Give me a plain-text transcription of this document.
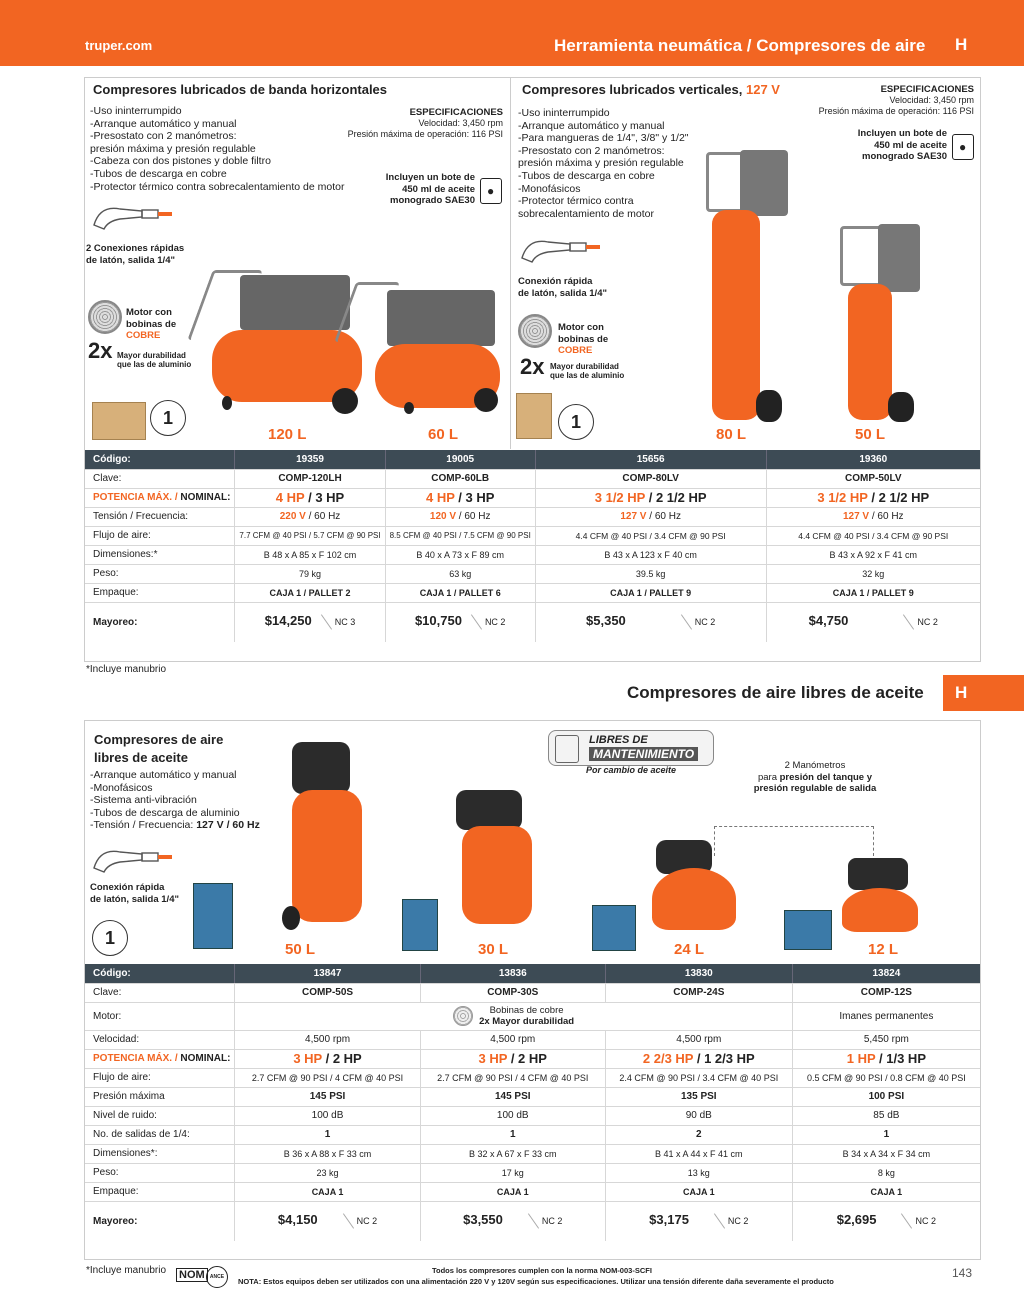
truper.com	Herramienta neumática / Compresores de aire H
Compresores lubricados de banda horizontales
-Uso ininterrumpido
-Arranque automático y manual
-Presostato con 2 manómetros:
presión máxima y presión regulable
-Cabeza con dos pistones y doble filtro
-Tubos de descarga en cobre
-Protector térmico contra sobrecalentamiento de motor
ESPECIFICACIONES
Velocidad: 3,450 rpm
Presión máxima de operación: 116 PSI
Incluyen un bote de
450 ml de aceite
monogrado SAE30
●
2 Conexiones rápidas
de latón, salida 1/4"
Motor con
bobinas de
COBRE
2x Mayor durabilidad
que las de aluminio
1
120 L	60 L
Compresores lubricados verticales, 127 V	ESPECIFICACIONES
Velocidad: 3,450 rpm
Presión máxima de operación: 116 PSI
Incluyen un bote de
450 ml de aceite
monogrado SAE30
●
-Uso ininterrumpido
-Arranque automático y manual
-Para mangueras de 1/4", 3/8" y 1/2"
-Presostato con 2 manómetros:
presión máxima y presión regulable
-Tubos de descarga en cobre
-Monofásicos
-Protector térmico contra
sobrecalentamiento de motor
Conexión rápida
de latón, salida 1/4"
Motor con
bobinas de
COBRE
2x Mayor durabilidad
que las de aluminio
1
80 L	50 L
Código:	19359	19005	15656	19360
Clave:	COMP-120LH	COMP-60LB	COMP-80LV	COMP-50LV
POTENCIA MÁX. / NOMINAL:	4 HP / 3 HP	4 HP / 3 HP	3 1/2 HP / 2 1/2 HP	3 1/2 HP / 2 1/2 HP
Tensión / Frecuencia:	220 V / 60 Hz	120 V / 60 Hz	127 V / 60 Hz	127 V / 60 Hz
Flujo de aire:	7.7 CFM @ 40 PSI / 5.7 CFM @ 90 PSI	8.5 CFM @ 40 PSI / 7.5 CFM @ 90 PSI	4.4 CFM @ 40 PSI / 3.4 CFM @ 90 PSI	4.4 CFM @ 40 PSI / 3.4 CFM @ 90 PSI
Dimensiones:*	B 48 x A 85 x F 102 cm	B 40 x A 73 x F 89 cm	B 43 x A 123 x F 40 cm	B 43 x A 92 x F 41 cm
Peso:	79 kg	63 kg	39.5 kg	32 kg
Empaque:	CAJA 1 / PALLET 2	CAJA 1 / PALLET 6	CAJA 1 / PALLET 9	CAJA 1 / PALLET 9
Mayoreo:	$14,250 NC 3	$10,750 NC 2	$5,350 NC 2	$4,750 NC 2
*Incluye manubrio
Compresores de aire libres de aceite	H
Compresores de aire
libres de aceite
-Arranque automático y manual
-Monofásicos
-Sistema anti-vibración
-Tubos de descarga de aluminio
-Tensión / Frecuencia: 127 V / 60 Hz
Conexión rápida
de latón, salida 1/4"
1
LIBRES DE
MANTENIMIENTO
Por cambio de aceite	2 Manómetros
para presión del tanque y
presión regulable de salida
50 L	30 L	24 L	12 L
Código:	13847	13836	13830	13824
Clave:	COMP-50S	COMP-30S	COMP-24S	COMP-12S
Motor:	Bobinas de cobre
2x Mayor durabilidad			Imanes permanentes
Velocidad:	4,500 rpm	4,500 rpm	4,500 rpm	5,450 rpm
POTENCIA MÁX. / NOMINAL:	3 HP / 2 HP	3 HP / 2 HP	2 2/3 HP / 1 2/3 HP	1 HP / 1/3 HP
Flujo de aire:	2.7 CFM @ 90 PSI / 4 CFM @ 40 PSI	2.7 CFM @ 90 PSI / 4 CFM @ 40 PSI	2.4 CFM @ 90 PSI / 3.4 CFM @ 40 PSI	0.5 CFM @ 90 PSI / 0.8 CFM @ 40 PSI
Presión máxima	145 PSI	145 PSI	135 PSI	100 PSI
Nivel de ruido:	100 dB	100 dB	90 dB	85 dB
No. de salidas de 1/4:	1	1	2	1
Dimensiones*:	B 36 x A 88 x F 33 cm	B 32 x A 67 x F 33 cm	B 41 x A 44 x F 41 cm	B 34 x A 34 x F 34 cm
Peso:	23 kg	17 kg	13 kg	8 kg
Empaque:	CAJA 1	CAJA 1	CAJA 1	CAJA 1
Mayoreo:	$4,150 NC 2	$3,550 NC 2	$3,175 NC 2	$2,695 NC 2
*Incluye manubrio NOM	ANCE
Todos los compresores cumplen con la norma NOM-003-SCFI
NOTA: Estos equipos deben ser utilizados con una alimentación 220 V y 120V según sus especificaciones. Utilizar una tensión diferente daña severamente el producto
143
